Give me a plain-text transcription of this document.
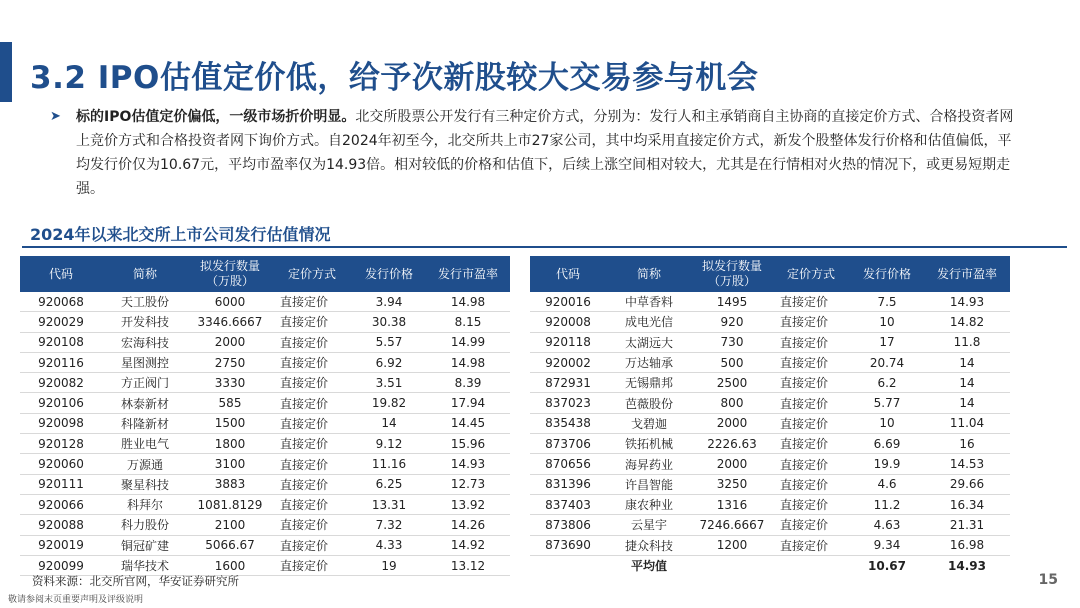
3.2 IPO估值定价低，给予次新股较大交易参与机会
➤ 标的IPO估值定价偏低，一级市场折价明显。北交所股票公开发行有三种定价方式，分别为：发行人和主承销商自主协商的直接定价方式、合格投资者网上竞价方式和合格投资者网下询价方式。自2024年初至今，北交所共上市27家公司，其中均采用直接定价方式，新发个股整体发行价格和估值偏低，平均发行价仅为10.67元，平均市盈率仅为14.93倍。相对较低的价格和估值下，后续上涨空间相对较大，尤其是在行情相对火热的情况下，或更易短期走强。
2024年以来北交所上市公司发行估值情况
代码	简称	拟发行数量
（万股）	定价方式	发行价格	发行市盈率
920068	天工股份	6000	直接定价	3.94	14.98
920029	开发科技	3346.6667	直接定价	30.38	8.15
920108	宏海科技	2000	直接定价	5.57	14.99
920116	星图测控	2750	直接定价	6.92	14.98
920082	方正阀门	3330	直接定价	3.51	8.39
920106	林泰新材	585	直接定价	19.82	17.94
920098	科隆新材	1500	直接定价	14	14.45
920128	胜业电气	1800	直接定价	9.12	15.96
920060	万源通	3100	直接定价	11.16	14.93
920111	聚星科技	3883	直接定价	6.25	12.73
920066	科拜尔	1081.8129	直接定价	13.31	13.92
920088	科力股份	2100	直接定价	7.32	14.26
920019	铜冠矿建	5066.67	直接定价	4.33	14.92
920099	瑞华技术	1600	直接定价	19	13.12
代码	简称	拟发行数量
（万股）	定价方式	发行价格	发行市盈率
920016	中草香料	1495	直接定价	7.5	14.93
920008	成电光信	920	直接定价	10	14.82
920118	太湖远大	730	直接定价	17	11.8
920002	万达轴承	500	直接定价	20.74	14
872931	无锡鼎邦	2500	直接定价	6.2	14
837023	芭薇股份	800	直接定价	5.77	14
835438	戈碧迦	2000	直接定价	10	11.04
873706	铁拓机械	2226.63	直接定价	6.69	16
870656	海昇药业	2000	直接定价	19.9	14.53
831396	许昌智能	3250	直接定价	4.6	29.66
837403	康农种业	1316	直接定价	11.2	16.34
873806	云星宇	7246.6667	直接定价	4.63	21.31
873690	捷众科技	1200	直接定价	9.34	16.98
	平均值			10.67	14.93
资料来源：北交所官网，华安证券研究所
敬请参阅末页重要声明及评级说明
15
